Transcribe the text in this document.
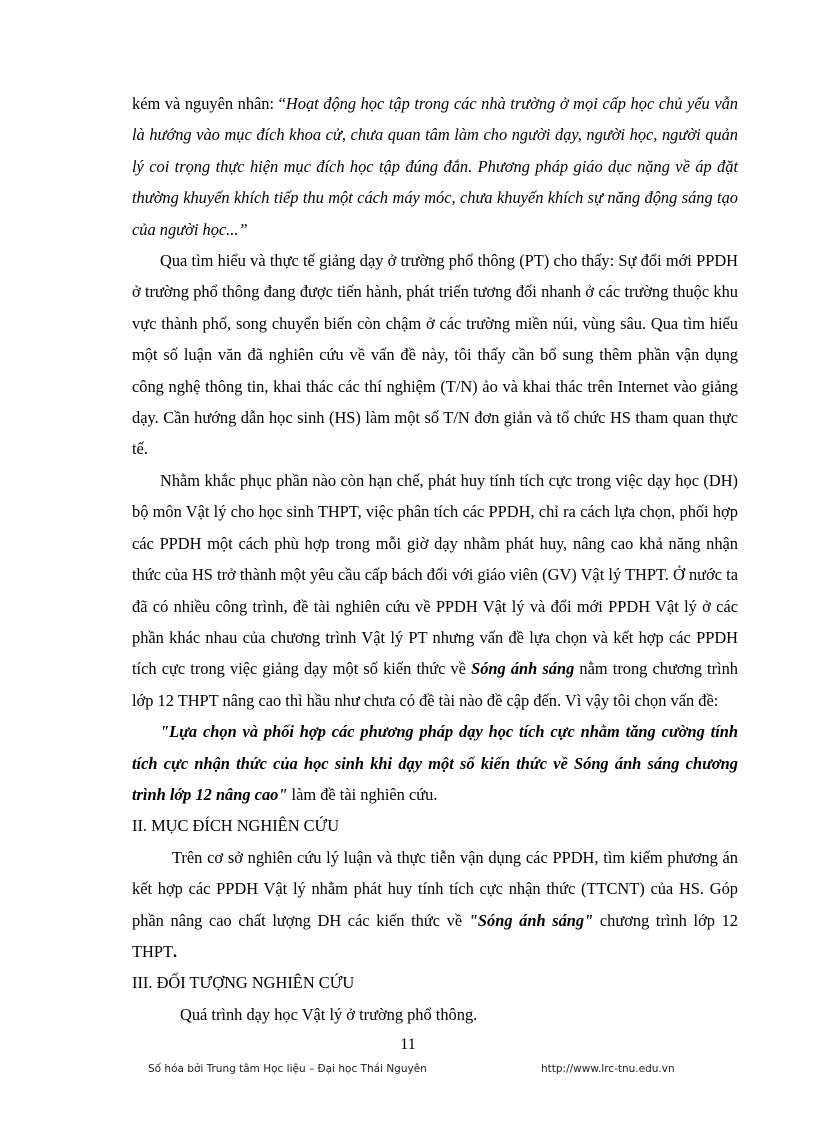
kém và nguyên nhân: “Hoạt động học tập trong các nhà trường ở mọi cấp học chủ yếu vẫn là hướng vào mục đích khoa cử, chưa quan tâm làm cho người dạy, người học, người quản lý coi trọng thực hiện mục đích học tập đúng đắn. Phương pháp giáo dục nặng về áp đặt thường khuyến khích tiếp thu một cách máy móc, chưa khuyến khích sự năng động sáng tạo của người học...”

Qua tìm hiểu và thực tế giảng dạy ở trường phổ thông (PT) cho thấy: Sự đổi mới PPDH ở trường phổ thông đang được tiến hành, phát triển tương đối nhanh ở các trường thuộc khu vực thành phố, song chuyển biến còn chậm ở các trường miền núi, vùng sâu. Qua tìm hiểu một số luận văn đã nghiên cứu về vấn đề này, tôi thấy cần bổ sung thêm phần vận dụng công nghệ thông tin, khai thác các thí nghiệm (T/N) ảo và khai thác trên Internet vào giảng dạy. Cần hướng dẫn học sinh (HS) làm một số T/N đơn giản và tổ chức HS tham quan thực tế.

Nhằm khắc phục phần nào còn hạn chế, phát huy tính tích cực trong việc dạy học (DH) bộ môn Vật lý cho học sinh THPT, việc phân tích các PPDH, chỉ ra cách lựa chọn, phối hợp các PPDH một cách phù hợp trong mỗi giờ dạy nhằm phát huy, nâng cao khả năng nhận thức của HS trở thành một yêu cầu cấp bách đối với giáo viên (GV) Vật lý THPT. Ở nước ta đã có nhiều công trình, đề tài nghiên cứu về PPDH Vật lý và đổi mới PPDH Vật lý ở các phần khác nhau của chương trình Vật lý PT nhưng vấn đề lựa chọn và kết hợp các PPDH tích cực trong việc giảng dạy một số kiến thức về Sóng ánh sáng nằm trong chương trình lớp 12 THPT nâng cao thì hầu như chưa có đề tài nào đề cập đến. Vì vậy tôi chọn vấn đề:

"Lựa chọn và phối hợp các phương pháp dạy học tích cực nhằm tăng cường tính tích cực nhận thức của học sinh khi dạy một số kiến thức về Sóng ánh sáng chương trình lớp 12 nâng cao" làm đề tài nghiên cứu.

II. MỤC ĐÍCH NGHIÊN CỨU

Trên cơ sở nghiên cứu lý luận và thực tiễn vận dụng các PPDH, tìm kiếm phương án kết hợp các PPDH Vật lý nhằm phát huy tính tích cực nhận thức (TTCNT) của HS. Góp phần nâng cao chất lượng DH các kiến thức về "Sóng ánh sáng" chương trình lớp 12 THPT.

III. ĐỐI TƯỢNG NGHIÊN CỨU

Quá trình dạy học Vật lý ở trường phổ thông.

11
Số hóa bởi Trung tâm Học liệu – Đại học Thái Nguyên	http://www.lrc-tnu.edu.vn
